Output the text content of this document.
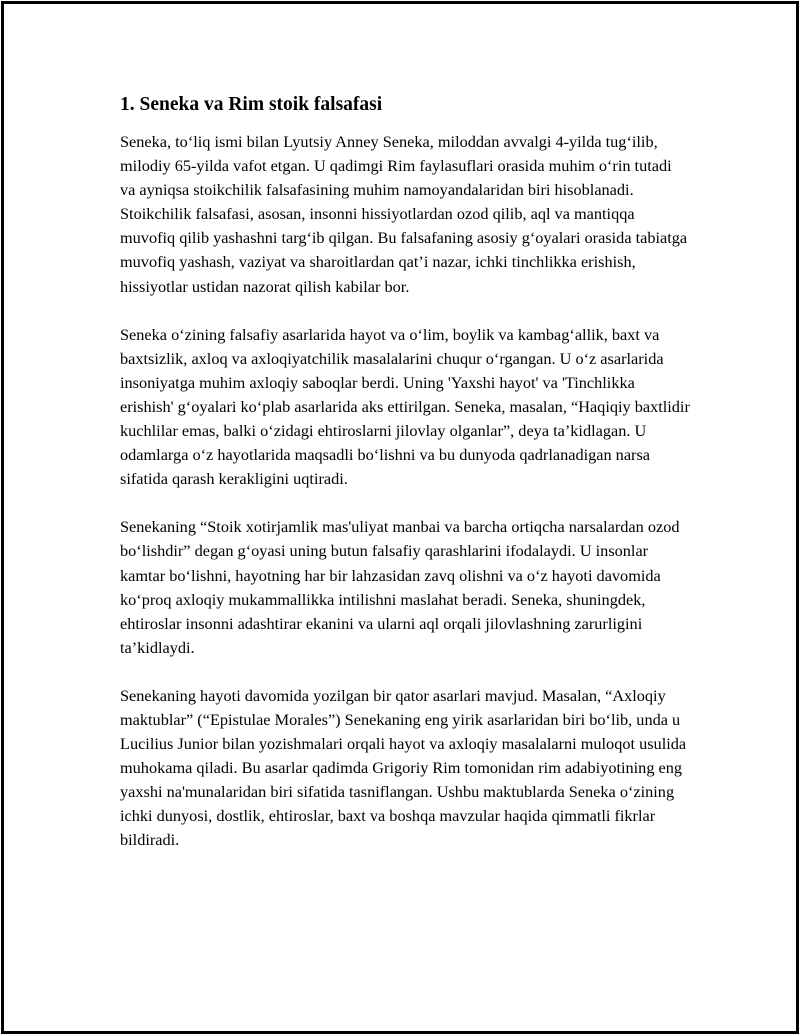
1. Seneka va Rim stoik falsafasi

Seneka, to‘liq ismi bilan Lyutsiy Anney Seneka, miloddan avvalgi 4-yilda tug‘ilib, milodiy 65-yilda vafot etgan. U qadimgi Rim faylasuflari orasida muhim o‘rin tutadi va ayniqsa stoikchilik falsafasining muhim namoyandalaridan biri hisoblanadi. Stoikchilik falsafasi, asosan, insonni hissiyotlardan ozod qilib, aql va mantiqqa muvofiq qilib yashashni targ‘ib qilgan. Bu falsafaning asosiy g‘oyalari orasida tabiatga muvofiq yashash, vaziyat va sharoitlardan qat’i nazar, ichki tinchlikka erishish, hissiyotlar ustidan nazorat qilish kabilar bor.

Seneka o‘zining falsafiy asarlarida hayot va o‘lim, boylik va kambag‘allik, baxt va baxtsizlik, axloq va axloqiyatchilik masalalarini chuqur o‘rgangan. U o‘z asarlarida insoniyatga muhim axloqiy saboqlar berdi. Uning 'Yaxshi hayot' va 'Tinchlikka erishish' g‘oyalari ko‘plab asarlarida aks ettirilgan. Seneka, masalan, “Haqiqiy baxtlidir kuchlilar emas, balki o‘zidagi ehtiroslarni jilovlay olganlar”, deya ta’kidlagan. U odamlarga o‘z hayotlarida maqsadli bo‘lishni va bu dunyoda qadrlanadigan narsa sifatida qarash kerakligini uqtiradi.

Senekaning “Stoik xotirjamlik mas'uliyat manbai va barcha ortiqcha narsalardan ozod bo‘lishdir” degan g‘oyasi uning butun falsafiy qarashlarini ifodalaydi. U insonlar kamtar bo‘lishni, hayotning har bir lahzasidan zavq olishni va o‘z hayoti davomida ko‘proq axloqiy mukammallikka intilishni maslahat beradi. Seneka, shuningdek, ehtiroslar insonni adashtirar ekanini va ularni aql orqali jilovlashning zarurligini ta’kidlaydi.

Senekaning hayoti davomida yozilgan bir qator asarlari mavjud. Masalan, “Axloqiy maktublar” (“Epistulae Morales”) Senekaning eng yirik asarlaridan biri bo‘lib, unda u Lucilius Junior bilan yozishmalari orqali hayot va axloqiy masalalarni muloqot usulida muhokama qiladi. Bu asarlar qadimda Grigoriy Rim tomonidan rim adabiyotining eng yaxshi na'munalaridan biri sifatida tasniflangan. Ushbu maktublarda Seneka o‘zining ichki dunyosi, dostlik, ehtiroslar, baxt va boshqa mavzular haqida qimmatli fikrlar bildiradi.
